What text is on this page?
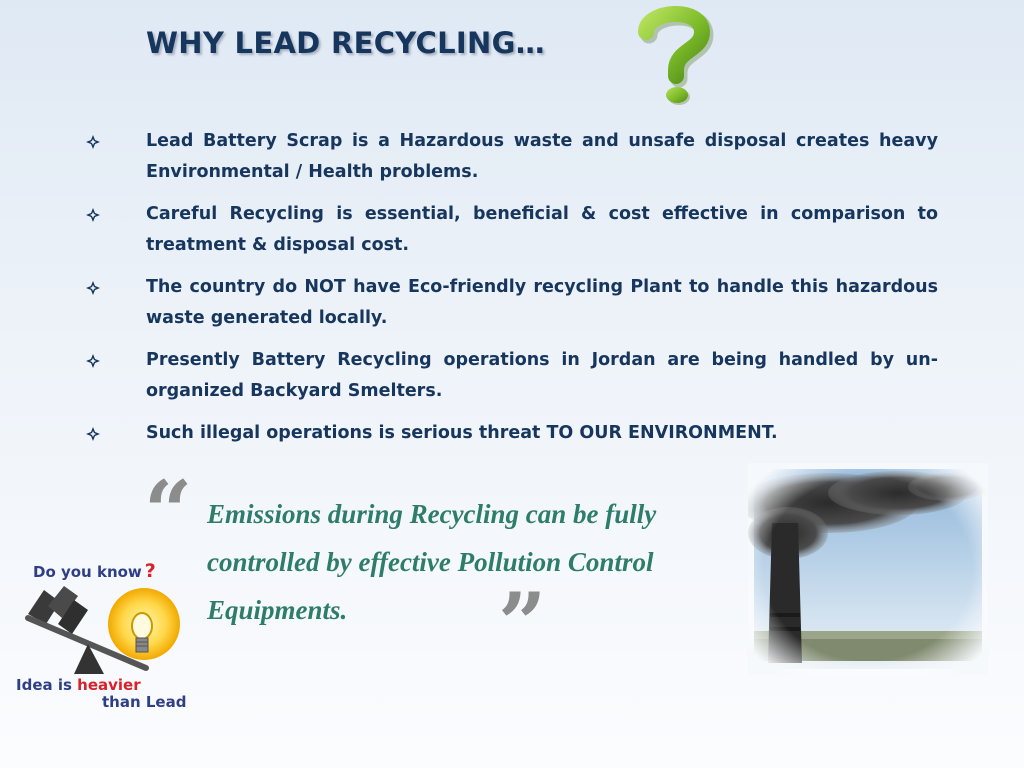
WHY LEAD RECYCLING…
Lead Battery Scrap is a Hazardous waste and unsafe disposal creates heavy Environmental / Health problems.
Careful Recycling is essential, beneficial & cost effective in comparison to treatment & disposal cost.
The country do NOT have Eco-friendly recycling Plant to handle this hazardous waste generated locally.
Presently Battery Recycling operations in Jordan are being handled by un-organized Backyard Smelters.
Such illegal operations is serious threat TO OUR ENVIRONMENT.
“ Emissions during Recycling can be fully controlled by effective Pollution Control Equipments.	”
Do you know ?
Idea is heavier
than Lead
